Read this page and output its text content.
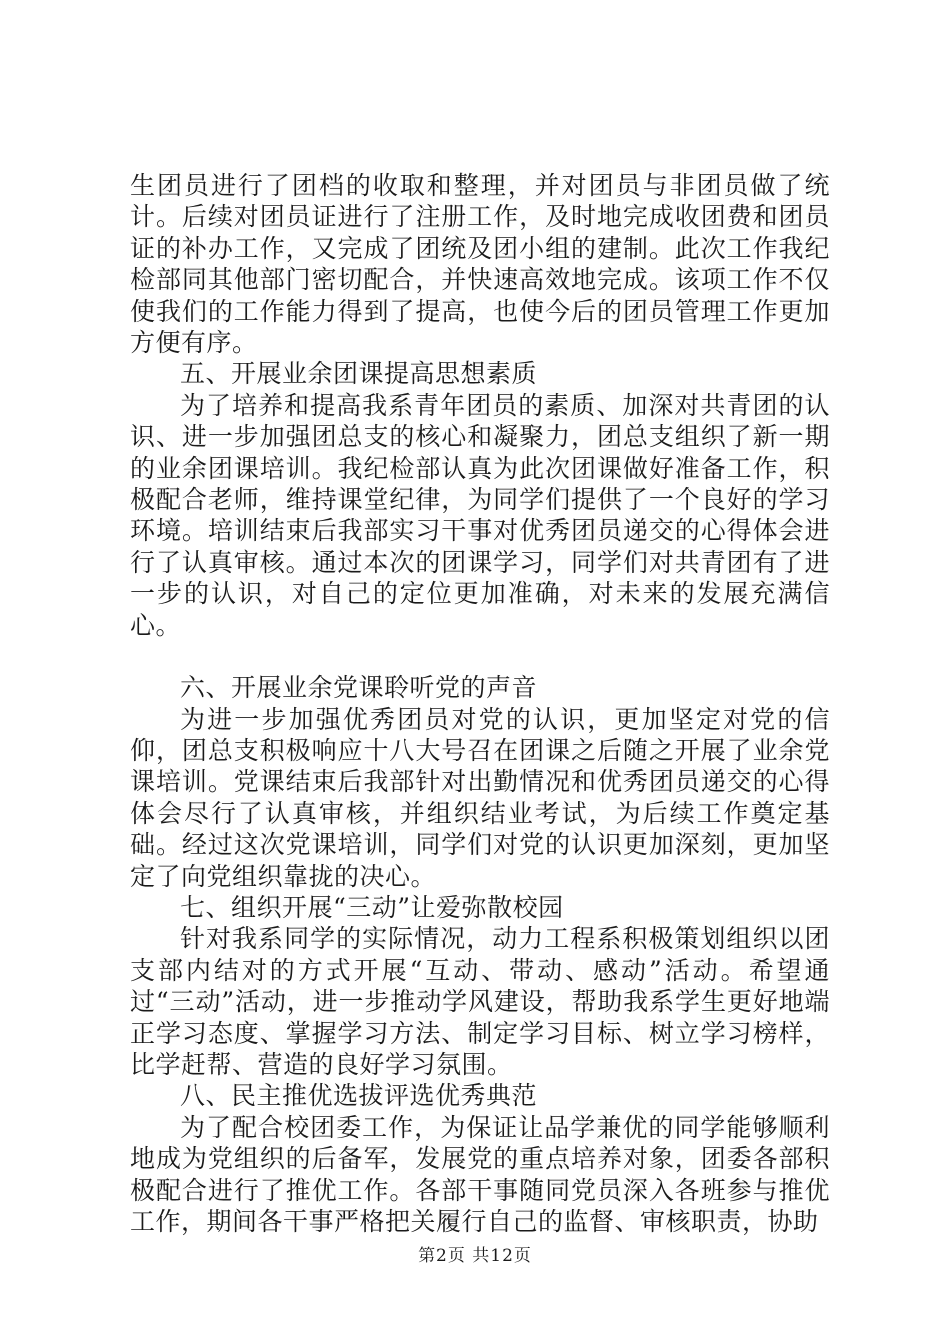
生团员进行了团档的收取和整理，并对团员与非团员做了统计。后续对团员证进行了注册工作，及时地完成收团费和团员证的补办工作，又完成了团统及团小组的建制。此次工作我纪检部同其他部门密切配合，并快速高效地完成。该项工作不仅使我们的工作能力得到了提高，也使今后的团员管理工作更加方便有序。

五、开展业余团课提高思想素质

为了培养和提高我系青年团员的素质、加深对共青团的认识、进一步加强团总支的核心和凝聚力，团总支组织了新一期的业余团课培训。我纪检部认真为此次团课做好准备工作，积极配合老师，维持课堂纪律，为同学们提供了一个良好的学习环境。培训结束后我部实习干事对优秀团员递交的心得体会进行了认真审核。通过本次的团课学习，同学们对共青团有了进一步的认识，对自己的定位更加准确，对未来的发展充满信心。

六、开展业余党课聆听党的声音

为进一步加强优秀团员对党的认识，更加坚定对党的信仰，团总支积极响应十八大号召在团课之后随之开展了业余党课培训。党课结束后我部针对出勤情况和优秀团员递交的心得体会尽行了认真审核，并组织结业考试，为后续工作奠定基础。经过这次党课培训，同学们对党的认识更加深刻，更加坚定了向党组织靠拢的决心。

七、组织开展“三动”让爱弥散校园

针对我系同学的实际情况，动力工程系积极策划组织以团支部内结对的方式开展“互动、带动、感动”活动。希望通过“三动”活动，进一步推动学风建设，帮助我系学生更好地端正学习态度、掌握学习方法、制定学习目标、树立学习榜样，比学赶帮、营造的良好学习氛围。

八、民主推优选拔评选优秀典范

为了配合校团委工作，为保证让品学兼优的同学能够顺利地成为党组织的后备军，发展党的重点培养对象，团委各部积极配合进行了推优工作。各部干事随同党员深入各班参与推优工作，期间各干事严格把关履行自己的监督、审核职责，协助

第2页 共12页
